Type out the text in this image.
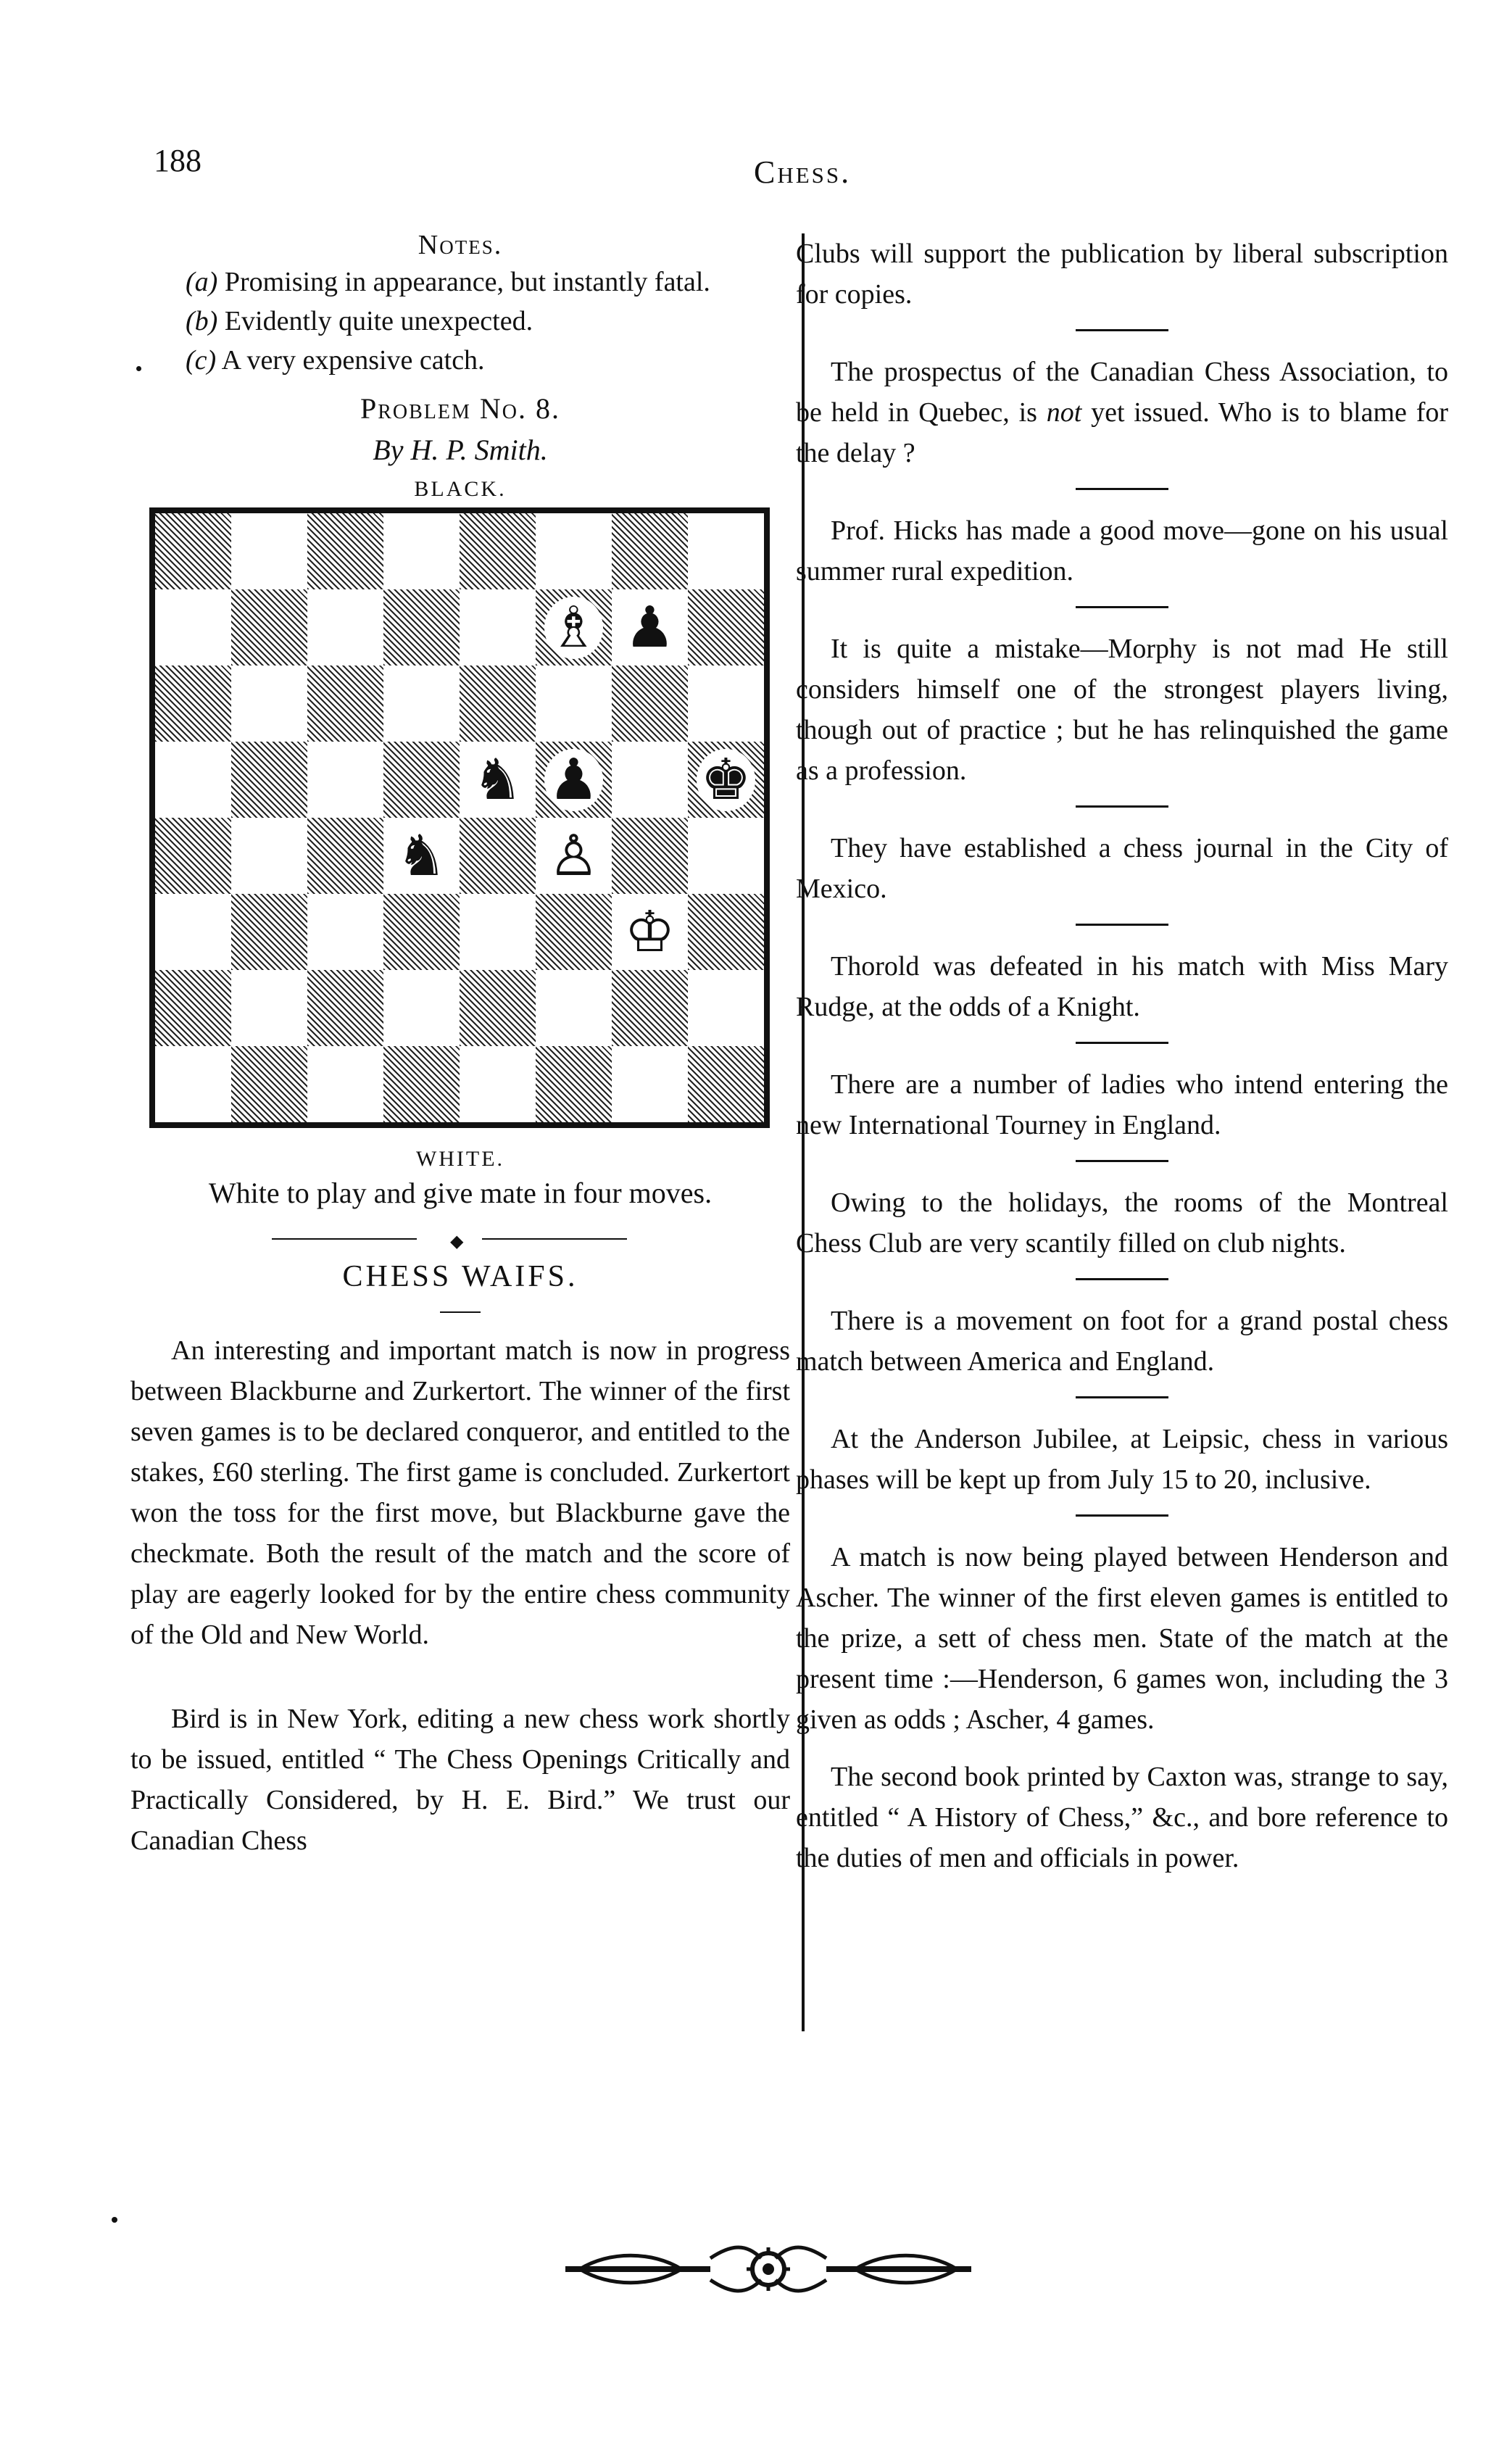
188	Chess.
Notes.

(a) Promising in appearance, but instantly fatal.

(b) Evidently quite unexpected.

(c) A very expensive catch.

Problem No. 8.
By H. P. Smith.
BLACK.
♗ ♟
♞ ♟ ♚
♞ ♙
♔
WHITE.
White to play and give mate in four moves.
◆
CHESS WAIFS.

An interesting and important match is now in progress between Blackburne and Zurkertort. The winner of the first seven games is to be declared conqueror, and entitled to the stakes, £60 sterling. The first game is concluded. Zurkertort won the toss for the first move, but Blackburne gave the checkmate. Both the result of the match and the score of play are eagerly looked for by the entire chess community of the Old and New World.

Bird is in New York, editing a new chess work shortly to be issued, entitled “ The Chess Openings Critically and Practically Considered, by H. E. Bird.” We trust our Canadian Chess

Clubs will support the publication by liberal subscription for copies.

The prospectus of the Canadian Chess Association, to be held in Quebec, is not yet issued. Who is to blame for the delay ?

Prof. Hicks has made a good move—gone on his usual summer rural expedition.

It is quite a mistake—Morphy is not mad He still considers himself one of the strongest players living, though out of practice ; but he has relinquished the game as a profession.

They have established a chess journal in the City of Mexico.

Thorold was defeated in his match with Miss Mary Rudge, at the odds of a Knight.

There are a number of ladies who intend entering the new International Tourney in England.

Owing to the holidays, the rooms of the Montreal Chess Club are very scantily filled on club nights.

There is a movement on foot for a grand postal chess match between America and England.

At the Anderson Jubilee, at Leipsic, chess in various phases will be kept up from July 15 to 20, inclusive.

A match is now being played between Henderson and Ascher. The winner of the first eleven games is entitled to the prize, a sett of chess men. State of the match at the present time :—Henderson, 6 games won, including the 3 given as odds ; Ascher, 4 games.

The second book printed by Caxton was, strange to say, entitled “ A History of Chess,” &c., and bore reference to the duties of men and officials in power.
